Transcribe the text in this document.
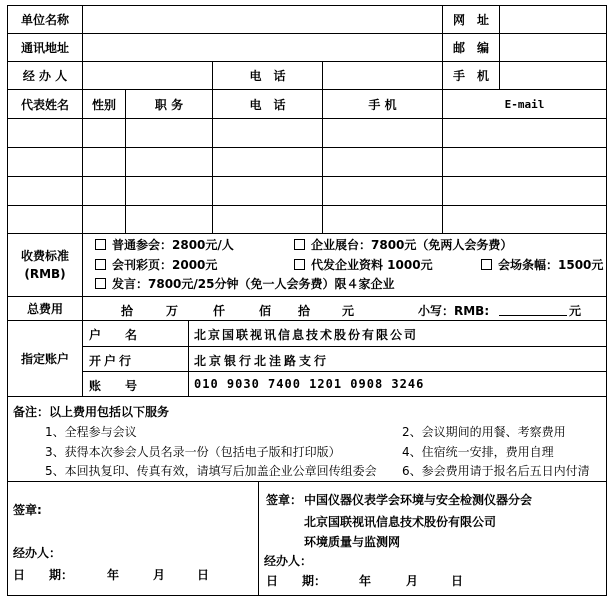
单位名称	网　址
通讯地址	邮　编
经 办 人	电　话	手　机
代表姓名	性别	职 务	电　话	手 机	E-mail
收费标准
(RMB)
普通参会：2800元/人	企业展台：7800元（免两人会务费）
会刊彩页：2000元	代发企业资料 1000元	会场条幅：1500元
发言：7800元/25分钟（免一人会务费）限４家企业
总费用	拾	万	仟	佰 拾	元	小写：RMB:	元
指定账户
户　　名	北京国联视讯信息技术股份有限公司
开户行	北京银行北洼路支行
账　　号	010 9030 7400 1201 0908 3246
备注：以上费用包括以下服务
1、全程参与会议	2、会议期间的用餐、考察费用
3、获得本次参会人员名录一份（包括电子版和打印版）	4、住宿统一安排，费用自理
5、本回执复印、传真有效，请填写后加盖企业公章回传组委会 6、参会费用请于报名后五日内付清
签章:
经办人：
日　　期：	年	月	日
签章： 中国仪器仪表学会环境与安全检测仪器分会
北京国联视讯信息技术股份有限公司
环境质量与监测网
经办人：
日　　期：	年	月	日
